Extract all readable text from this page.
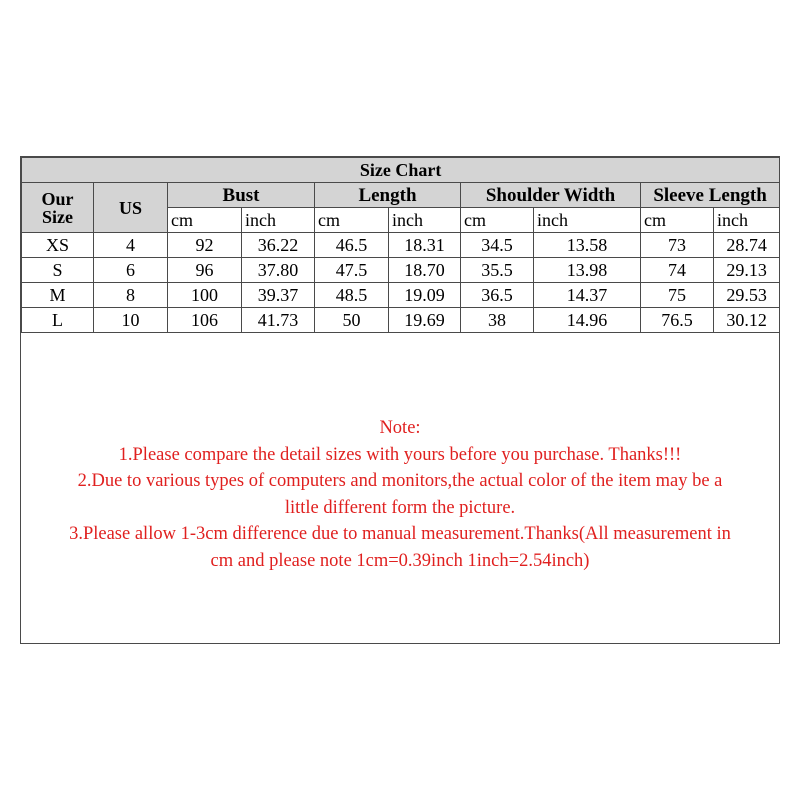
Size Chart									

Our
Size	US	Bust		Length		Shoulder Width		Sleeve Length	
		cm	inch	cm	inch	cm	inch	cm	inch
XS	4	92	36.22	46.5	18.31	34.5	13.58	73	28.74
S	6	96	37.80	47.5	18.70	35.5	13.98	74	29.13
M	8	100	39.37	48.5	19.09	36.5	14.37	75	29.53
L	10	106	41.73	50	19.69	38	14.96	76.5	30.12
Note:
1.Please compare the detail sizes with yours before you purchase. Thanks!!!
2.Due to various types of computers and monitors,the actual color of the item may be a
little different form the picture.
3.Please allow 1-3cm difference due to manual measurement.Thanks(All measurement in
cm and please note 1cm=0.39inch 1inch=2.54inch)
